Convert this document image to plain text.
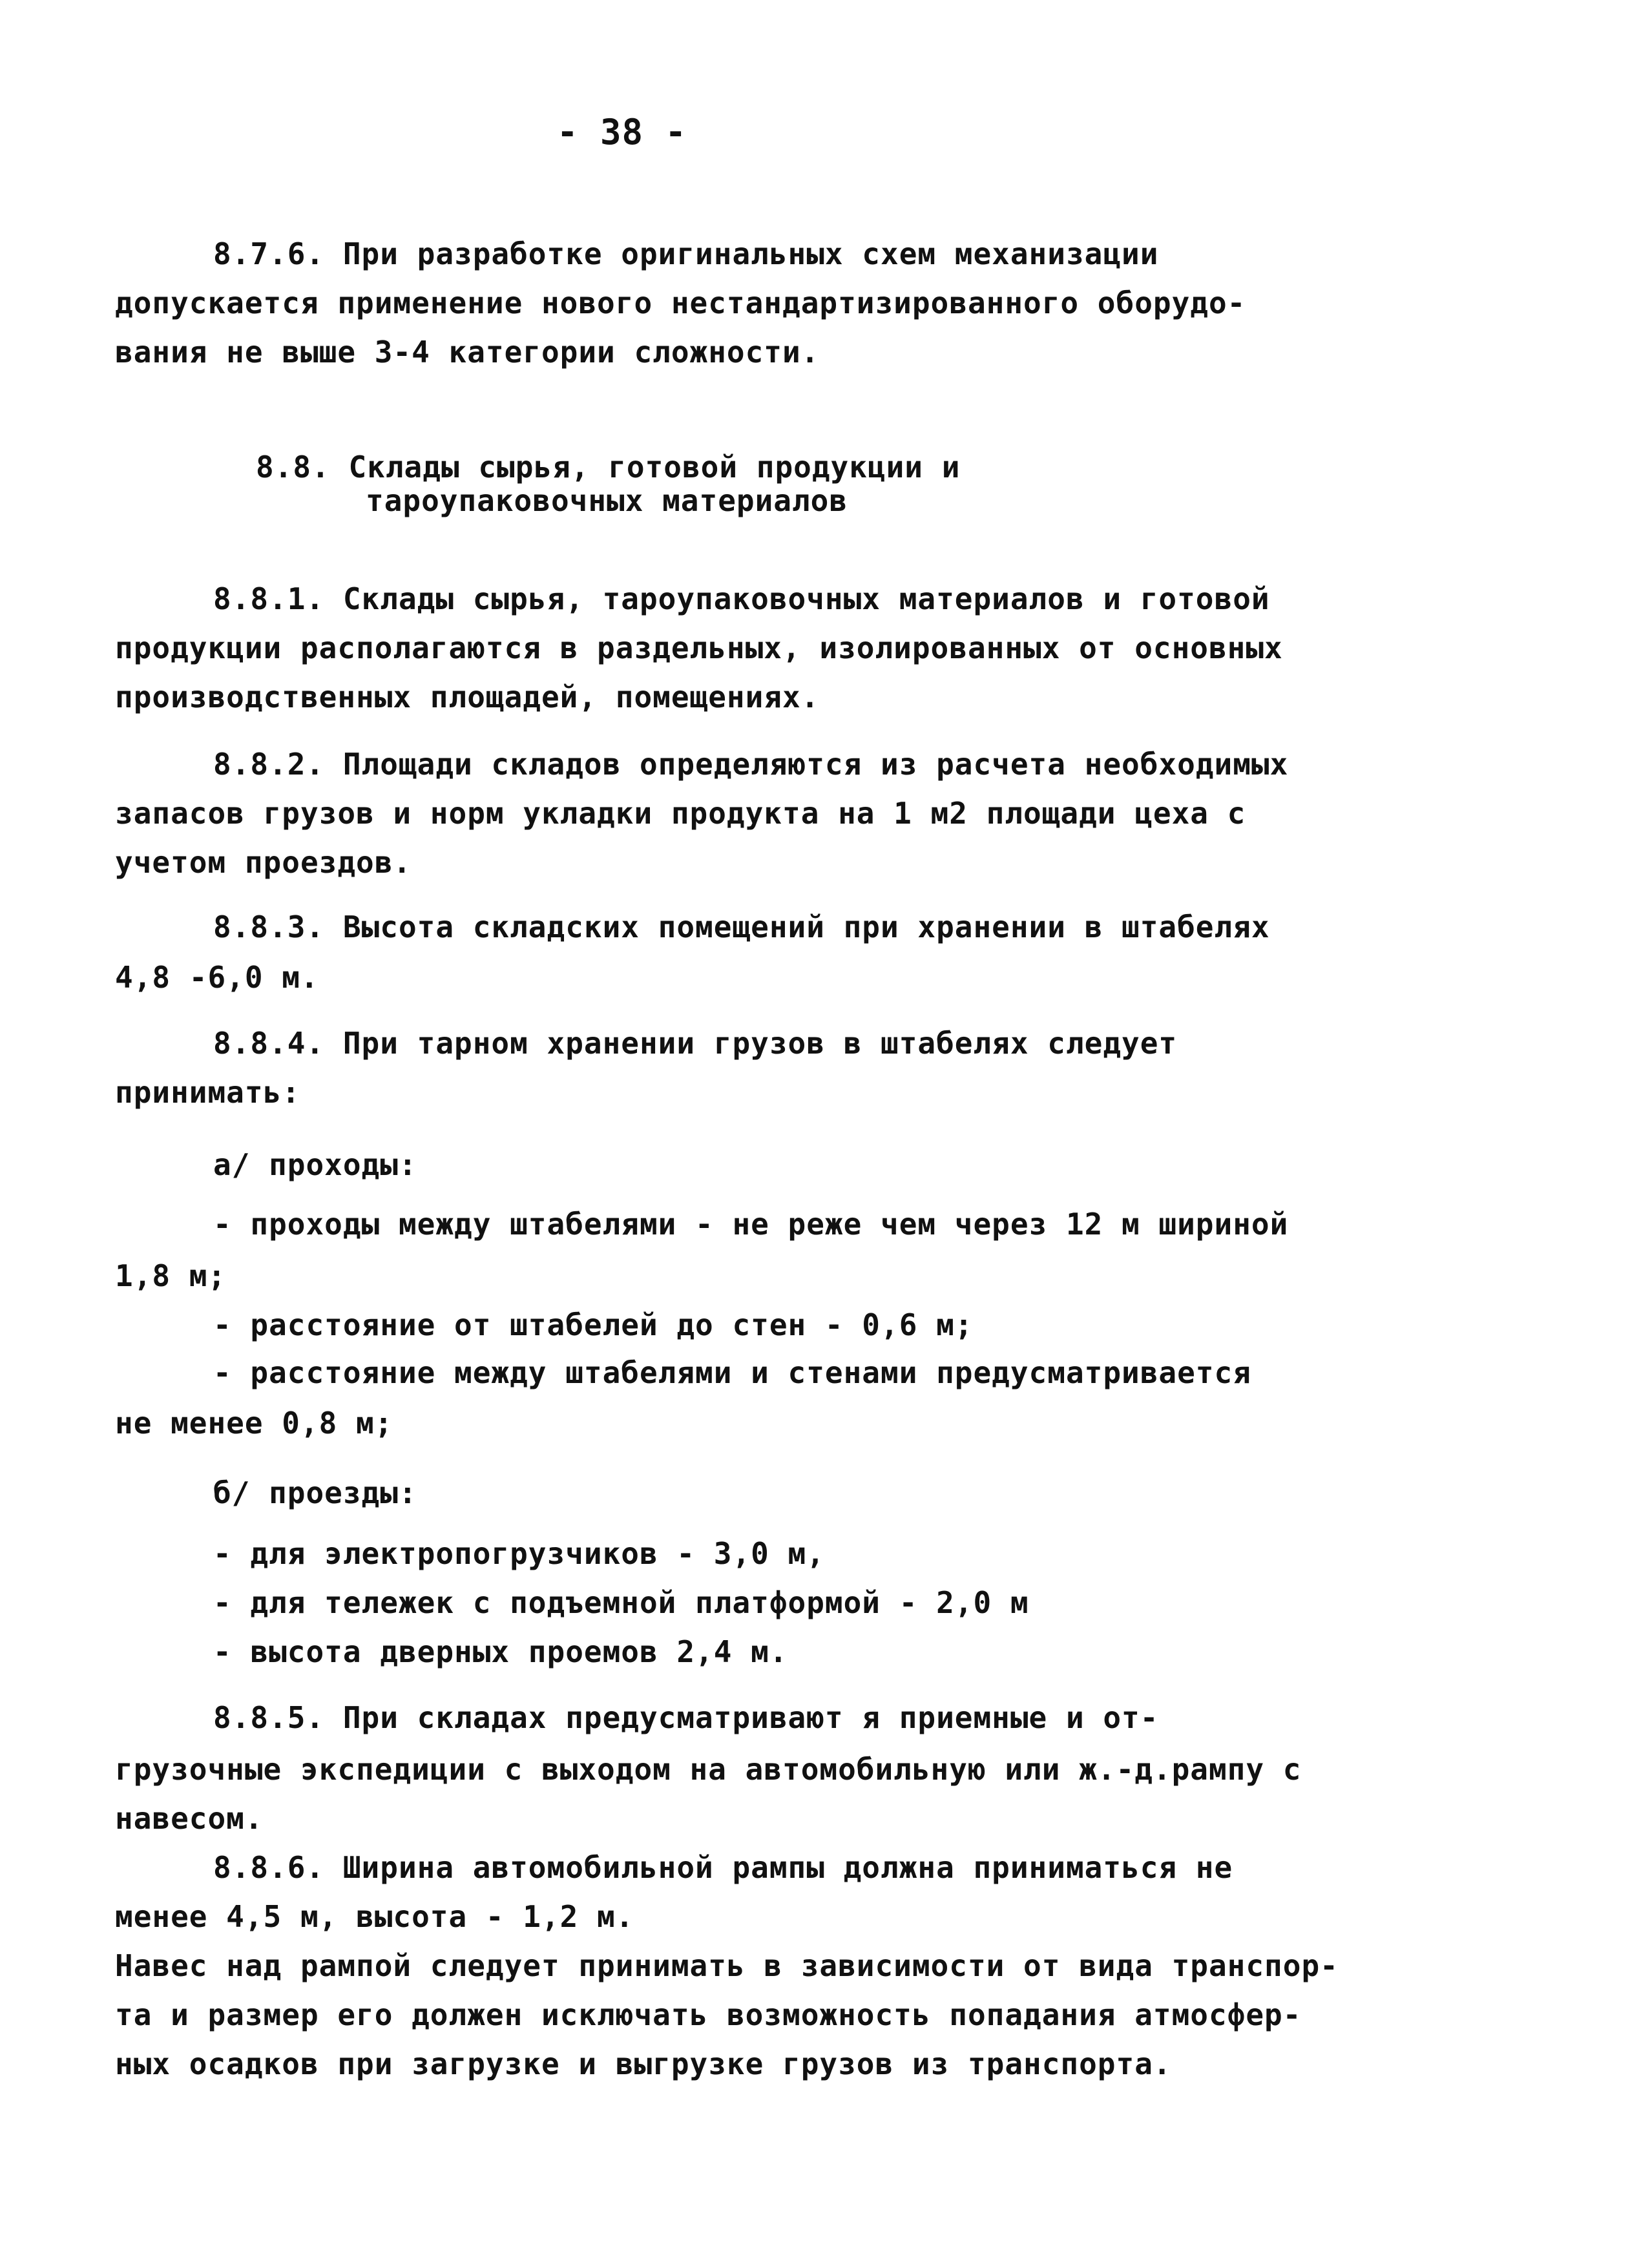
- 38 -
8.7.6. При разработке оригинальных схем механизации
допускается применение нового нестандартизированного оборудо-
вания не выше 3-4 категории сложности.
8.8. Склады сырья, готовой продукции и
тароупаковочных материалов
8.8.1. Склады сырья, тароупаковочных материалов и готовой
продукции располагаются в раздельных, изолированных от основных
производственных площадей, помещениях.
8.8.2. Площади складов определяются из расчета необходимых
запасов грузов и норм укладки продукта на 1 м2 площади цеха с
учетом проездов.
8.8.3. Высота складских помещений при хранении в штабелях
4,8 -6,0 м.
8.8.4. При тарном хранении грузов в штабелях следует
принимать:
а/ проходы:
- проходы между штабелями - не реже чем через 12 м шириной
1,8 м;
- расстояние от штабелей до стен - 0,6 м;
- расстояние между штабелями и стенами предусматривается
не менее 0,8 м;
б/ проезды:
- для электропогрузчиков - 3,0 м,
- для тележек с подъемной платформой - 2,0 м
- высота дверных проемов 2,4 м.
8.8.5. При складах предусматривают я приемные и от-
грузочные экспедиции с выходом на автомобильную или ж.-д.рампу с
навесом.
8.8.6. Ширина автомобильной рампы должна приниматься не
менее 4,5 м, высота - 1,2 м.
Навес над рампой следует принимать в зависимости от вида транспор-
та и размер его должен исключать возможность попадания атмосфер-
ных осадков при загрузке и выгрузке грузов из транспорта.
